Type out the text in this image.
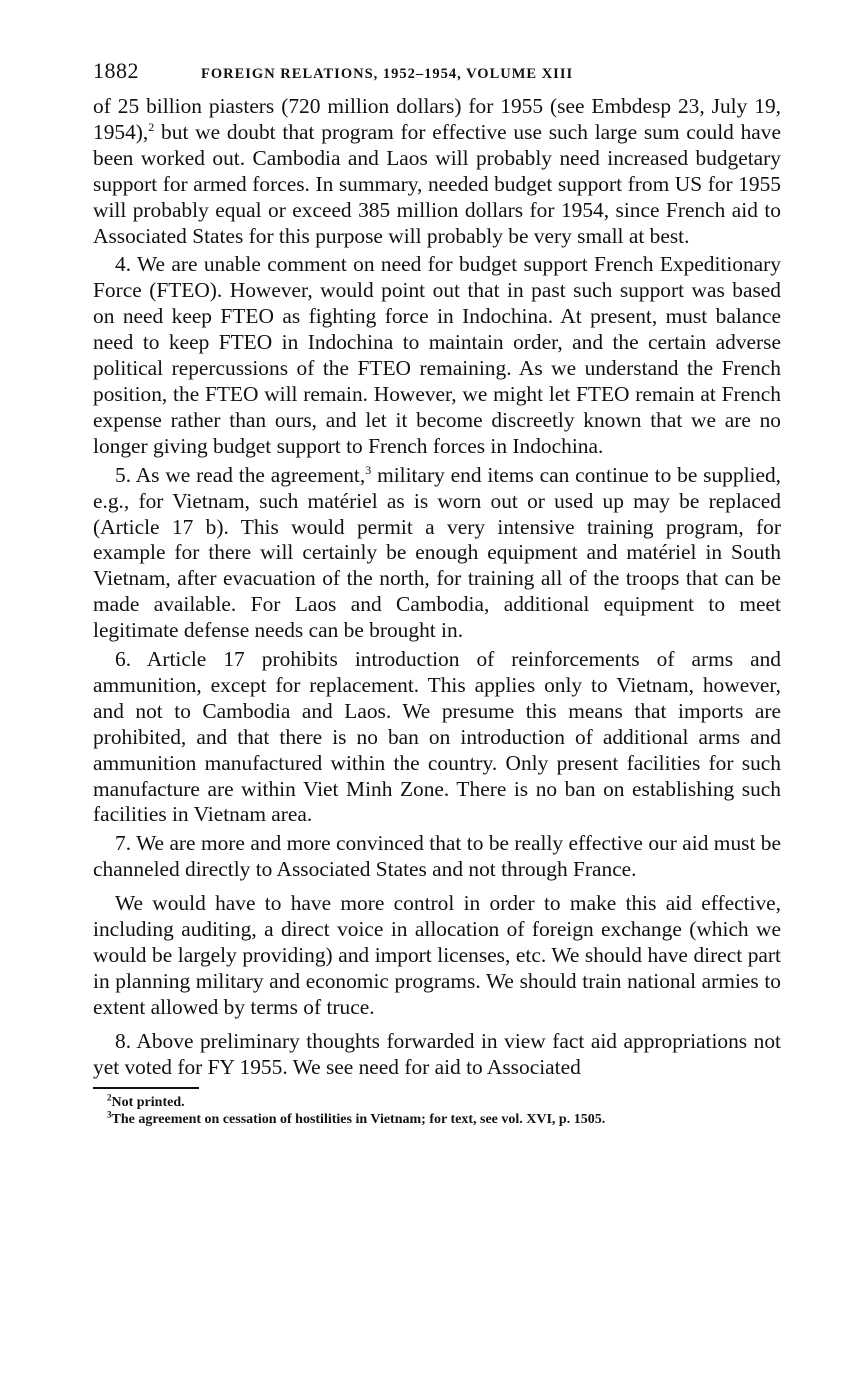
1882	FOREIGN RELATIONS, 1952–1954, VOLUME XIII

of 25 billion piasters (720 million dollars) for 1955 (see Embdesp 23, July 19, 1954),$^2$ but we doubt that program for effective use such large sum could have been worked out. Cambodia and Laos will probably need increased budgetary support for armed forces. In summary, needed budget support from US for 1955 will probably equal or exceed 385 million dollars for 1954, since French aid to Associated States for this purpose will probably be very small at best.

4. We are unable comment on need for budget support French Expeditionary Force (FTEO). However, would point out that in past such support was based on need keep FTEO as fighting force in Indochina. At present, must balance need to keep FTEO in Indochina to maintain order, and the certain adverse political repercussions of the FTEO remaining. As we understand the French position, the FTEO will remain. However, we might let FTEO remain at French expense rather than ours, and let it become discreetly known that we are no longer giving budget support to French forces in Indochina.

5. As we read the agreement,$^3$ military end items can continue to be supplied, e.g., for Vietnam, such matériel as is worn out or used up may be replaced (Article 17 b). This would permit a very intensive training program, for example for there will certainly be enough equipment and matériel in South Vietnam, after evacuation of the north, for training all of the troops that can be made available. For Laos and Cambodia, additional equipment to meet legitimate defense needs can be brought in.

6. Article 17 prohibits introduction of reinforcements of arms and ammunition, except for replacement. This applies only to Vietnam, however, and not to Cambodia and Laos. We presume this means that imports are prohibited, and that there is no ban on introduction of additional arms and ammunition manufactured within the country. Only present facilities for such manufacture are within Viet Minh Zone. There is no ban on establishing such facilities in Vietnam area.

7. We are more and more convinced that to be really effective our aid must be channeled directly to Associated States and not through France.

We would have to have more control in order to make this aid effective, including auditing, a direct voice in allocation of foreign exchange (which we would be largely providing) and import licenses, etc. We should have direct part in planning military and economic programs. We should train national armies to extent allowed by terms of truce.

8. Above preliminary thoughts forwarded in view fact aid appropriations not yet voted for FY 1955. We see need for aid to Associated

$^2$Not printed.

$^3$The agreement on cessation of hostilities in Vietnam; for text, see vol. XVI, p. 1505.
